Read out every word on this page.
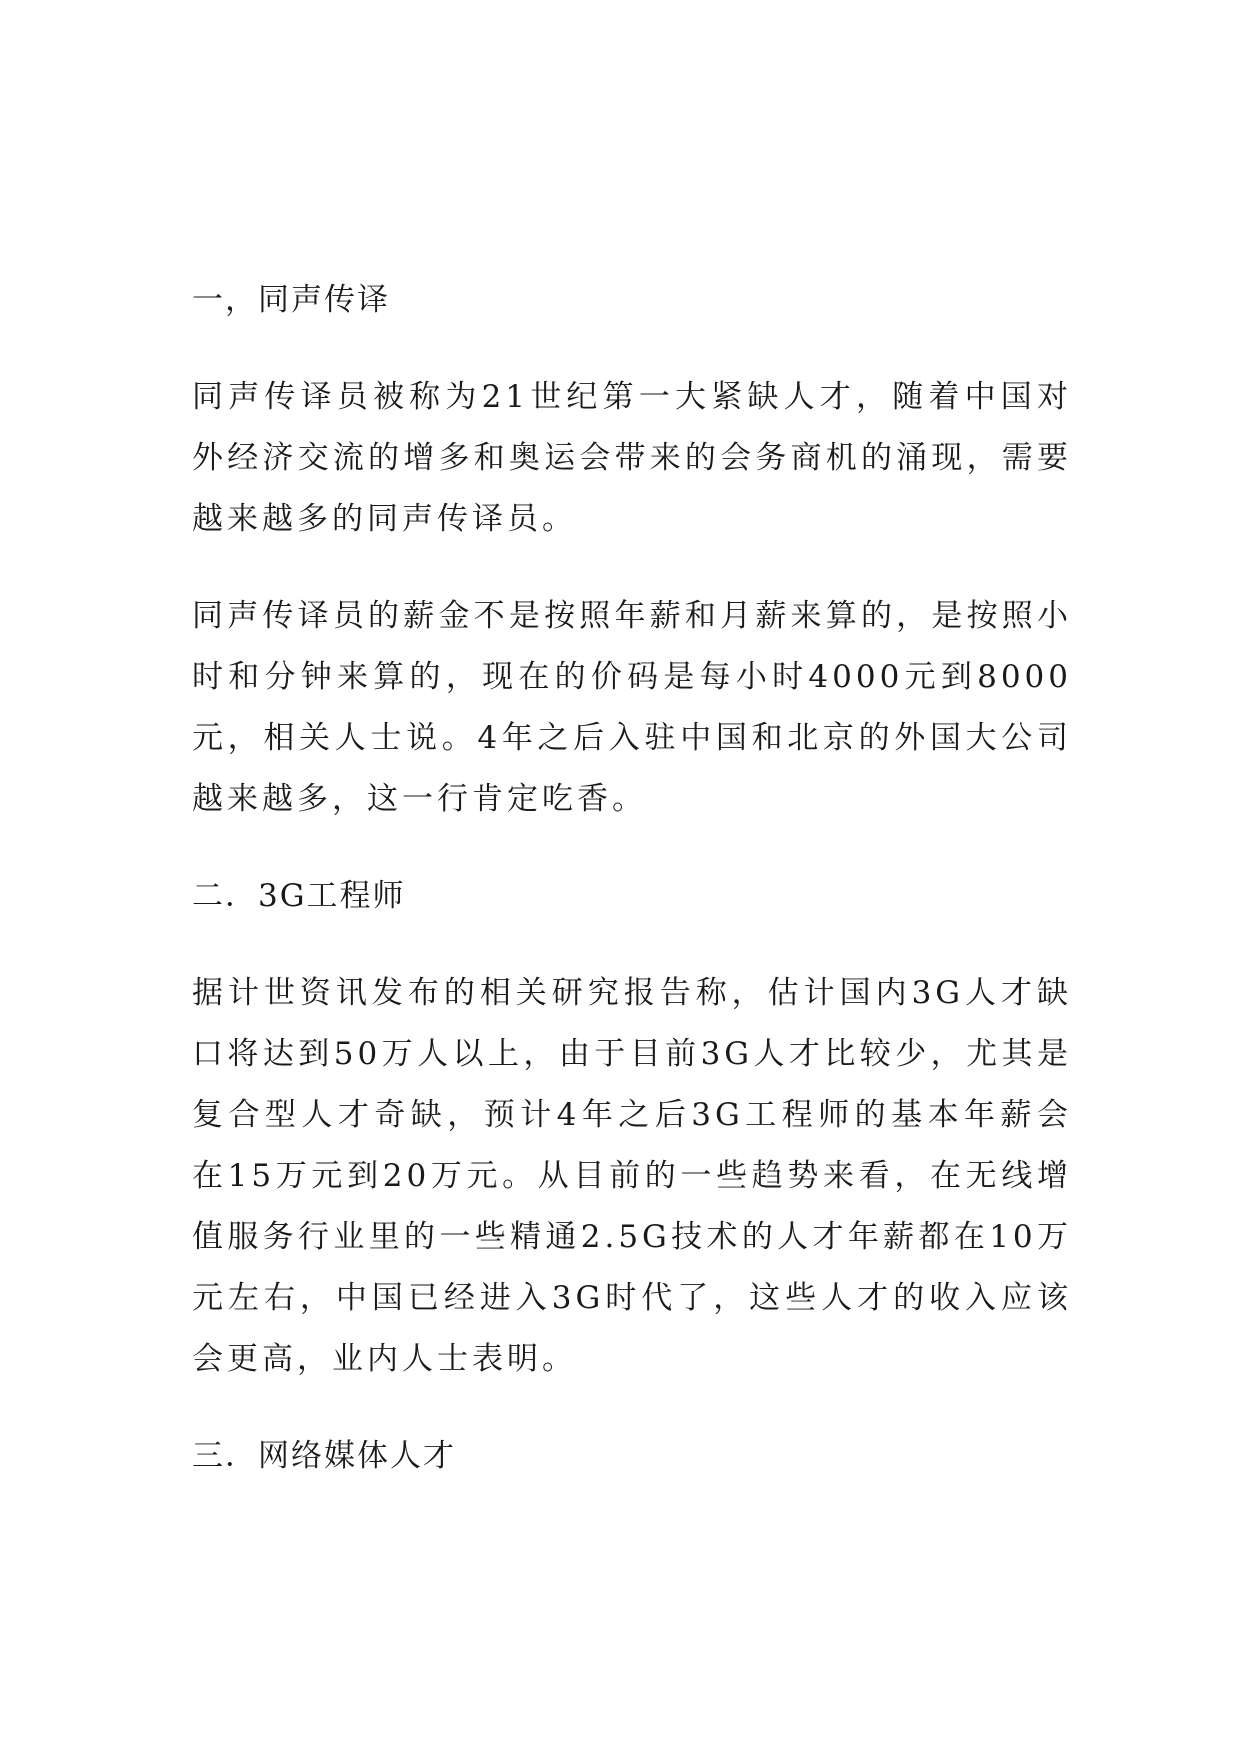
一，同声传译

同声传译员被称为21世纪第一大紧缺人才，随着中国对外经济交流的增多和奥运会带来的会务商机的涌现，需要越来越多的同声传译员。

同声传译员的薪金不是按照年薪和月薪来算的，是按照小时和分钟来算的，现在的价码是每小时4000元到8000元，相关人士说。4年之后入驻中国和北京的外国大公司越来越多，这一行肯定吃香。

二．3G工程师

据计世资讯发布的相关研究报告称，估计国内3G人才缺口将达到50万人以上，由于目前3G人才比较少，尤其是复合型人才奇缺，预计4年之后3G工程师的基本年薪会在15万元到20万元。从目前的一些趋势来看，在无线增值服务行业里的一些精通2.5G技术的人才年薪都在10万元左右，中国已经进入3G时代了，这些人才的收入应该会更高，业内人士表明。

三．网络媒体人才
